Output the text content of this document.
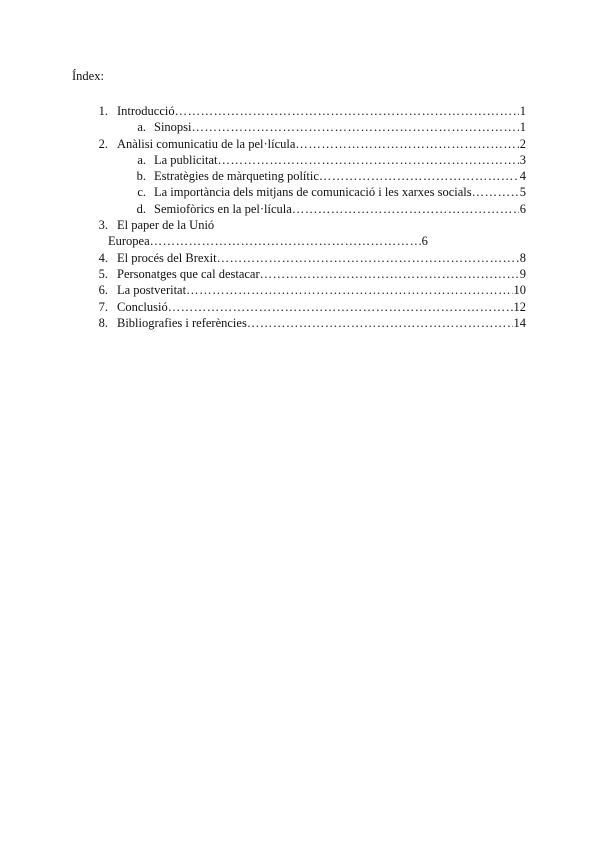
Índex:
1. Introducció …………………………………………………………………………………………………………………………………………………………………………………………	1
a. Sinopsi …………………………………………………………………………………………………………………………………………………………………………………………	1
2. Anàlisi comunicatiu de la pel·lícula …………………………………………………………………………………………………………………………………………………………………………………………	2
a. La publicitat …………………………………………………………………………………………………………………………………………………………………………………………	3
b. Estratègies de màrqueting polític …………………………………………………………………………………………………………………………………………………………………………………………	4
c. La importància dels mitjans de comunicació i les xarxes socials …………………………………………………………………………………………………………………………………………………………………………………………	5
d. Semiofòrics en la pel·lícula …………………………………………………………………………………………………………………………………………………………………………………………	6
3. El paper de la Unió
Europea …………………………………………………………………………………………………………	6
4. El procés del Brexit …………………………………………………………………………………………………………………………………………………………………………………………	8
5. Personatges que cal destacar …………………………………………………………………………………………………………………………………………………………………………………………	9
6. La postveritat …………………………………………………………………………………………………………………………………………………………………………………………	10
7. Conclusió …………………………………………………………………………………………………………………………………………………………………………………………	12
8. Bibliografies i referències …………………………………………………………………………………………………………………………………………………………………………………………	14
